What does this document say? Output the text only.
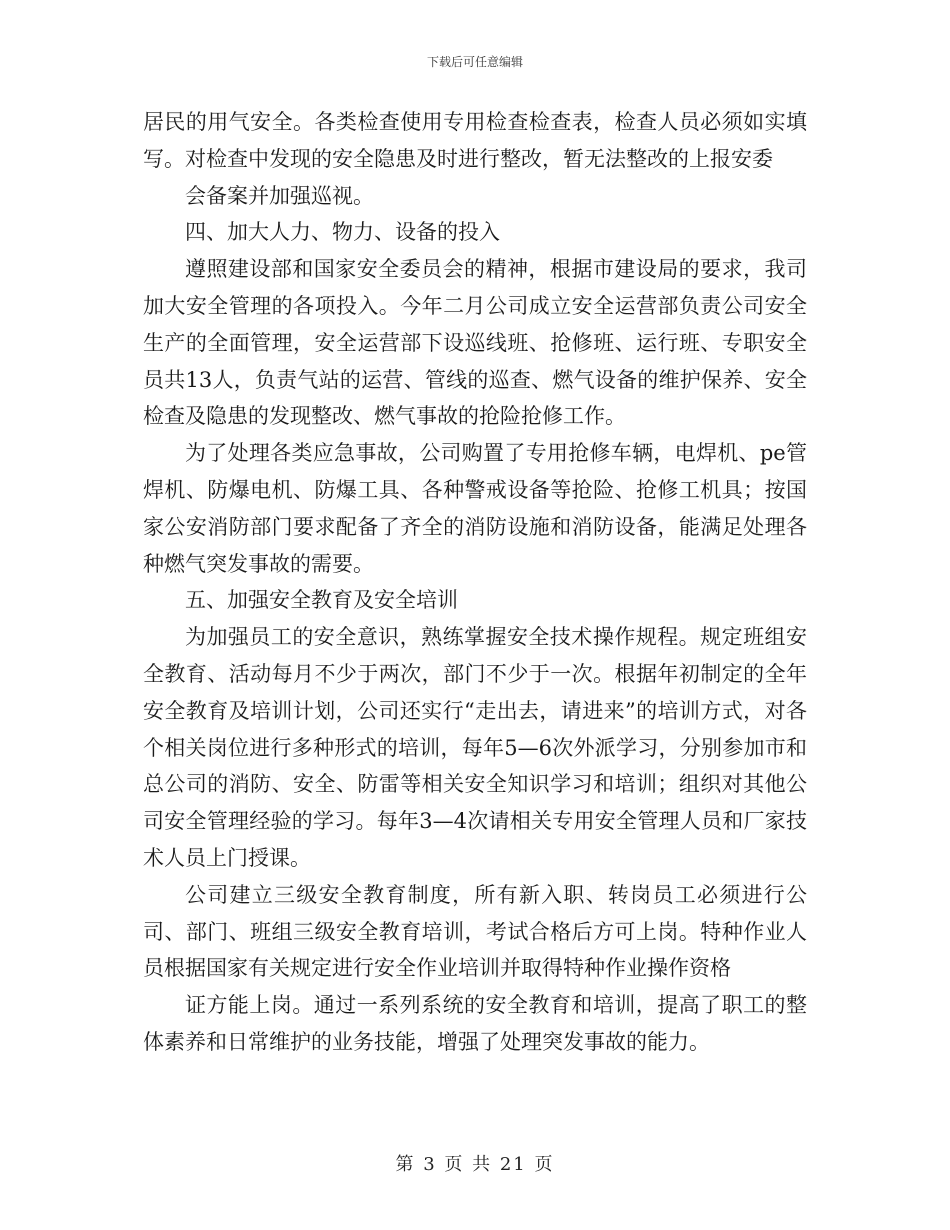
下载后可任意编辑

居民的用气安全。各类检查使用专用检查检查表，检查人员必须如实填写。对检查中发现的安全隐患及时进行整改，暂无法整改的上报安委

会备案并加强巡视。

四、加大人力、物力、设备的投入

遵照建设部和国家安全委员会的精神，根据市建设局的要求，我司加大安全管理的各项投入。今年二月公司成立安全运营部负责公司安全生产的全面管理，安全运营部下设巡线班、抢修班、运行班、专职安全员共13人，负责气站的运营、管线的巡查、燃气设备的维护保养、安全检查及隐患的发现整改、燃气事故的抢险抢修工作。

为了处理各类应急事故，公司购置了专用抢修车辆，电焊机、pe管焊机、防爆电机、防爆工具、各种警戒设备等抢险、抢修工机具；按国家公安消防部门要求配备了齐全的消防设施和消防设备，能满足处理各种燃气突发事故的需要。

五、加强安全教育及安全培训

为加强员工的安全意识，熟练掌握安全技术操作规程。规定班组安全教育、活动每月不少于两次，部门不少于一次。根据年初制定的全年安全教育及培训计划，公司还实行“走出去，请进来”的培训方式，对各个相关岗位进行多种形式的培训，每年5—6次外派学习，分别参加市和总公司的消防、安全、防雷等相关安全知识学习和培训；组织对其他公司安全管理经验的学习。每年3—4次请相关专用安全管理人员和厂家技术人员上门授课。

公司建立三级安全教育制度，所有新入职、转岗员工必须进行公司、部门、班组三级安全教育培训，考试合格后方可上岗。特种作业人员根据国家有关规定进行安全作业培训并取得特种作业操作资格

证方能上岗。通过一系列系统的安全教育和培训，提高了职工的整体素养和日常维护的业务技能，增强了处理突发事故的能力。

第 3 页 共 21 页
